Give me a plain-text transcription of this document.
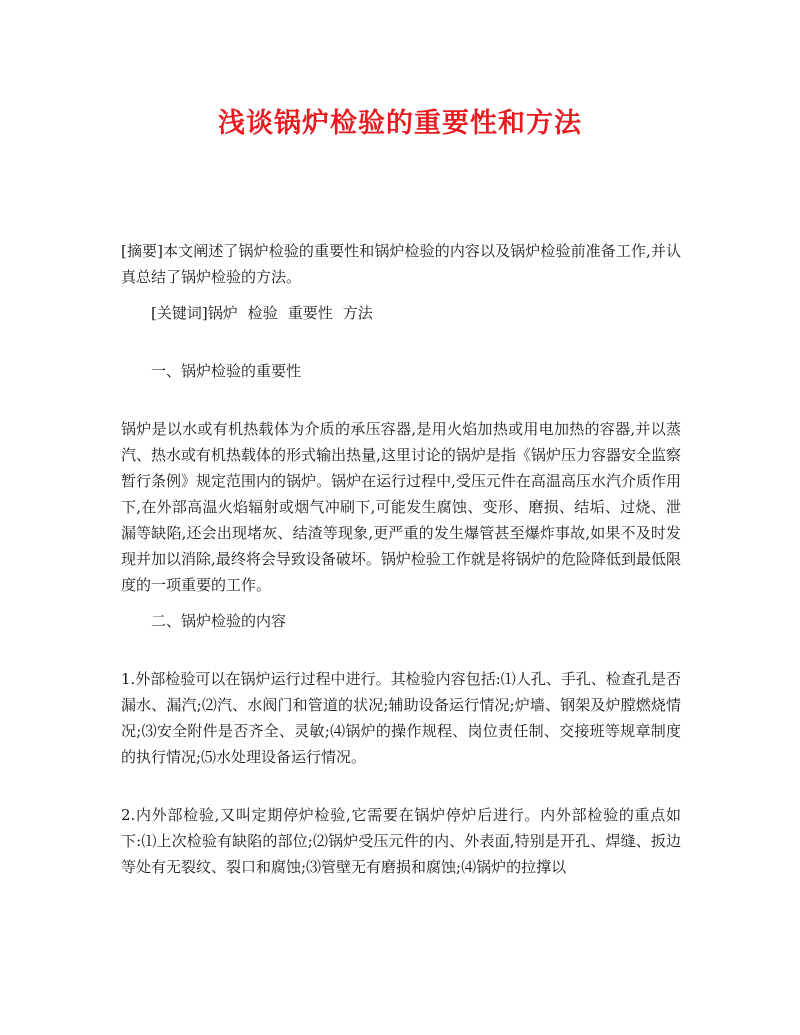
浅谈锅炉检验的重要性和方法

[摘要]本文阐述了锅炉检验的重要性和锅炉检验的内容以及锅炉检验前准备工作,并认真总结了锅炉检验的方法。

[关键词]锅炉 检验 重要性 方法

一、锅炉检验的重要性

锅炉是以水或有机热载体为介质的承压容器,是用火焰加热或用电加热的容器,并以蒸汽、热水或有机热载体的形式输出热量,这里讨论的锅炉是指《锅炉压力容器安全监察暂行条例》规定范围内的锅炉。锅炉在运行过程中,受压元件在高温高压水汽介质作用下,在外部高温火焰辐射或烟气冲刷下,可能发生腐蚀、变形、磨损、结垢、过烧、泄漏等缺陷,还会出现堵灰、结渣等现象,更严重的发生爆管甚至爆炸事故,如果不及时发现并加以消除,最终将会导致设备破坏。锅炉检验工作就是将锅炉的危险降低到最低限度的一项重要的工作。

二、锅炉检验的内容

1.外部检验可以在锅炉运行过程中进行。其检验内容包括:⑴人孔、手孔、检查孔是否漏水、漏汽;⑵汽、水阀门和管道的状况;辅助设备运行情况;炉墙、钢架及炉膛燃烧情况;⑶安全附件是否齐全、灵敏;⑷锅炉的操作规程、岗位责任制、交接班等规章制度的执行情况;⑸水处理设备运行情况。

2.内外部检验,又叫定期停炉检验,它需要在锅炉停炉后进行。内外部检验的重点如下:⑴上次检验有缺陷的部位;⑵锅炉受压元件的内、外表面,特别是开孔、焊缝、扳边等处有无裂纹、裂口和腐蚀;⑶管壁无有磨损和腐蚀;⑷锅炉的拉撑以
